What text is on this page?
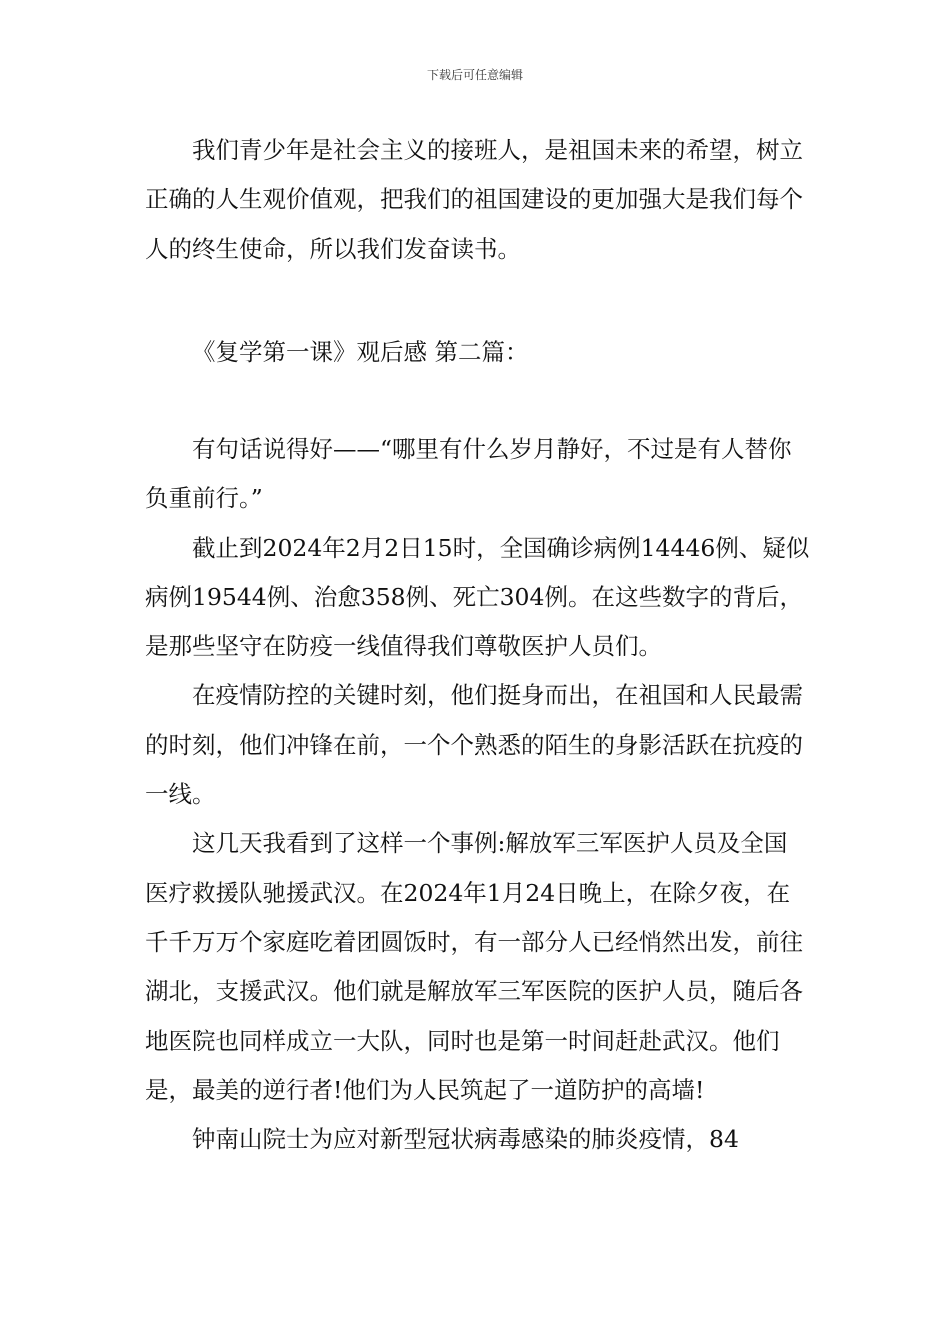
下载后可任意编辑

我们青少年是社会主义的接班人，是祖国未来的希望，树立正确的人生观价值观，把我们的祖国建设的更加强大是我们每个人的终生使命，所以我们发奋读书。

《复学第一课》观后感 第二篇：

有句话说得好——“哪里有什么岁月静好，不过是有人替你负重前行。”

截止到2024年2月2日15时，全国确诊病例14446例、疑似病例19544例、治愈358例、死亡304例。在这些数字的背后，是那些坚守在防疫一线值得我们尊敬医护人员们。

在疫情防控的关键时刻，他们挺身而出，在祖国和人民最需的时刻，他们冲锋在前，一个个熟悉的陌生的身影活跃在抗疫的一线。

这几天我看到了这样一个事例:解放军三军医护人员及全国医疗救援队驰援武汉。在2024年1月24日晚上，在除夕夜，在千千万万个家庭吃着团圆饭时，有一部分人已经悄然出发，前往湖北，支援武汉。他们就是解放军三军医院的医护人员，随后各地医院也同样成立一大队，同时也是第一时间赶赴武汉。他们是，最美的逆行者!他们为人民筑起了一道防护的高墙!

钟南山院士为应对新型冠状病毒感染的肺炎疫情，84
